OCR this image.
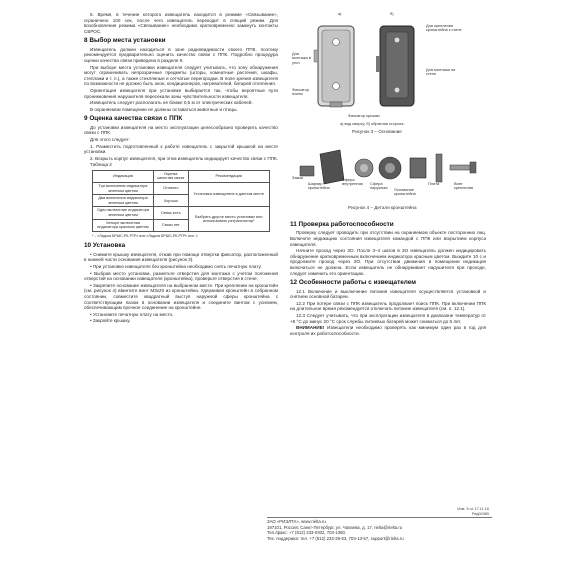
5. Время, в течение которого извещатель находится в режиме «Связывание», ограничено 100 сек, после чего извещатель переходит в спящий режим. Для возобновления режима «Связывание» необходимо кратковременно замкнуть контакты СБРОС.

8 Выбор места установки

Извещатель должен находиться в зоне радиовидимости своего ППК, поэтому рекомендуется предварительно оценить качество связи с ППК. Подробно процедура оценки качества связи приведена в разделе 9.

При выборе места установки извещателя следует учитывать, что зону обнаружения могут ограничивать непрозрачные предметы (шторы, комнатные растения, шкафы, стеллажи и т. п.), а также стеклянные и сетчатые перегородки. В поле зрения извещателя по возможности не должно быть окон, кондиционеров, нагревателей, батарей отопления.

Ориентация извещателя при установке выбирается так, чтобы вероятные пути проникновения нарушителя пересекали зоны чувствительности извещателя.

Извещатель следует располагать не ближе 0,5 м от электрических кабелей.

В охраняемом помещении не должны оставаться животные и птицы.

9 Оценка качества связи с ППК

До установки извещателя на место эксплуатации целесообразно проверить качество связи с ППК.

Для этого следует:

1. Разместить подготовленный к работе извещатель с закрытой крышкой на месте установки.

2. Вскрыть корпус извещателя, при этом извещатель индицирует качество связи с ППК.

Таблица 2

Индикация	Оценка качества связи	Рекомендации
Три включения индикатора зеленым цветом	Отлично	Установка извещателя в данном месте
Два включения индикатора зеленым цветом	Хорошо	
Одно включение индикатора зеленым цветом	Связь есть	Выбрать другое место установки или использовать ретранслятор*
Четыре включения индикатора красным цветом	Связи нет	

* – «Ладога БРШС-РК-РТР» или «Ладога БРШС-РК-РТР» исп. 1

10 Установка

• Снимите крышку извещателя, отжав при помощи отвертки фиксатор, расположенный в нижней части основания извещателя (рисунок 3).

• При установке извещателя без кронштейна необходимо снять печатную плату.

• Выбрав место установки, разметьте отверстия для монтажа с учетом положения отверстий на основании извещателя (кронштейна), проверьте отверстия в стене;

• Закрепите основание извещателя на выбранном месте. При креплении на кронштейн (см. рисунок 4) ввинтите винт М3х20 из кронштейна. Удерживая кронштейн в собранном состоянии, совместите квадратный выступ наружной сферы кронштейна с соответствующим пазом в основании извещателя и соедините винтом с усилием, обеспечивающим прочное соединение на кронштейне.

• Установите печатную плату на место.

• Закройте крышку.

а)	б)
Для монтажа в угол
Для крепления кронштейна к стене
Для монтажа на стене
Фиксатор платы
Фиксатор крышки
а) вид сверху; б) обратная сторона.
Рисунок 3 – Основание
Замок
Шарнир кронштейна
Сфера внутренняя	Сфера наружная	Основание кронштейна
Плита	Винт крепления
Рисунок 4 – Детали кронштейна
11 Проверка работоспособности

Проверку следует проводить при отсутствии на охраняемом объекте посторонних лиц. Включите индикацию состояния извещателя командой с ППК или вскрытием корпуса извещателя.

Начните проход через ЗО. После 3–4 шагов в ЗО извещатель должен индицировать обнаружение кратковременным включением индикатора красным цветом. Выждите 10 с и продолжите проход через ЗО. При отсутствии движения в помещении индикация включаться не должна. Если извещатель не обнаруживает нарушителя при проходе, следует изменить его ориентацию.

12 Особенности работы с извещателем

12.1 Включение и выключение питания извещателя осуществляется установкой и снятием основной батареи.

12.2 При потере связи с ППК извещатель продолжает поиск ППК. При включении ППК на длительное время рекомендуется отключать питание извещателя (см. п. 12.1).

12.3 Следует учитывать, что при эксплуатации извещателя в диапазоне температур от +5 °С до минус 20 °С срок службы литиевых батарей может снижаться до 5 лет.

ВНИМАНИЕ! Извещатели необходимо проверять как минимум один раз в год для контроля их работоспособности.

Изм. 5 от 17.11.16
Ред00389
ЗАО «РИЭЛТА», www.rielta.ru
197101, Россия, Санкт-Петербург, ул. Чапаева, д. 17, rielta@rielta.ru
Тел./факс: +7 (812) 233-0302, 703-1360.
Тех. поддержка: тел. +7 (812) 233-29-53, 703-13-57, support@rielta.ru
